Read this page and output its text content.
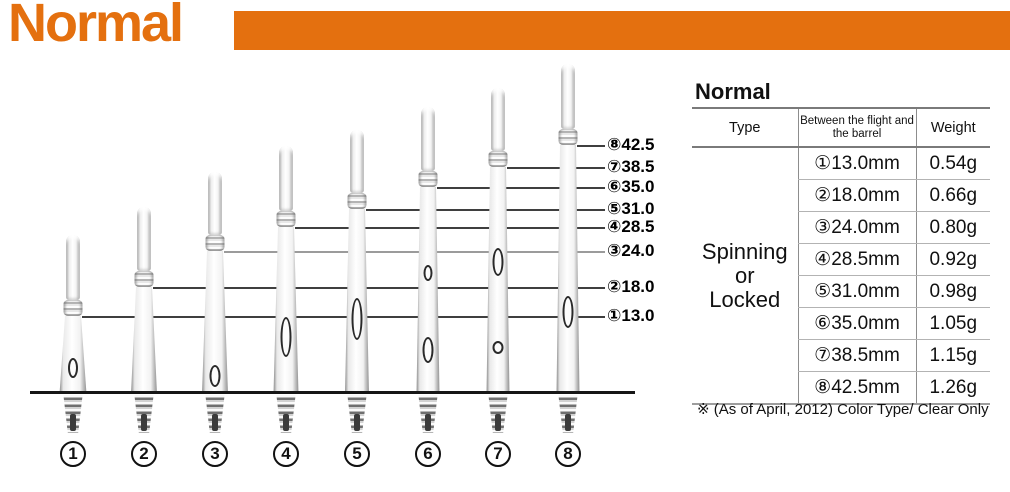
Normal
①13.0
1
②18.0
2
③24.0
3
④28.5
4
⑤31.0
5
⑥35.0
6
⑦38.5
7
⑧42.5
8
Normal
Type	Between the flight and the barrel	Weight
Spinning
or
Locked	①13.0mm	0.54g
	②18.0mm	0.66g
	③24.0mm	0.80g
	④28.5mm	0.92g
	⑤31.0mm	0.98g
	⑥35.0mm	1.05g
	⑦38.5mm	1.15g
	⑧42.5mm	1.26g
※ (As of April, 2012) Color Type/ Clear Only
